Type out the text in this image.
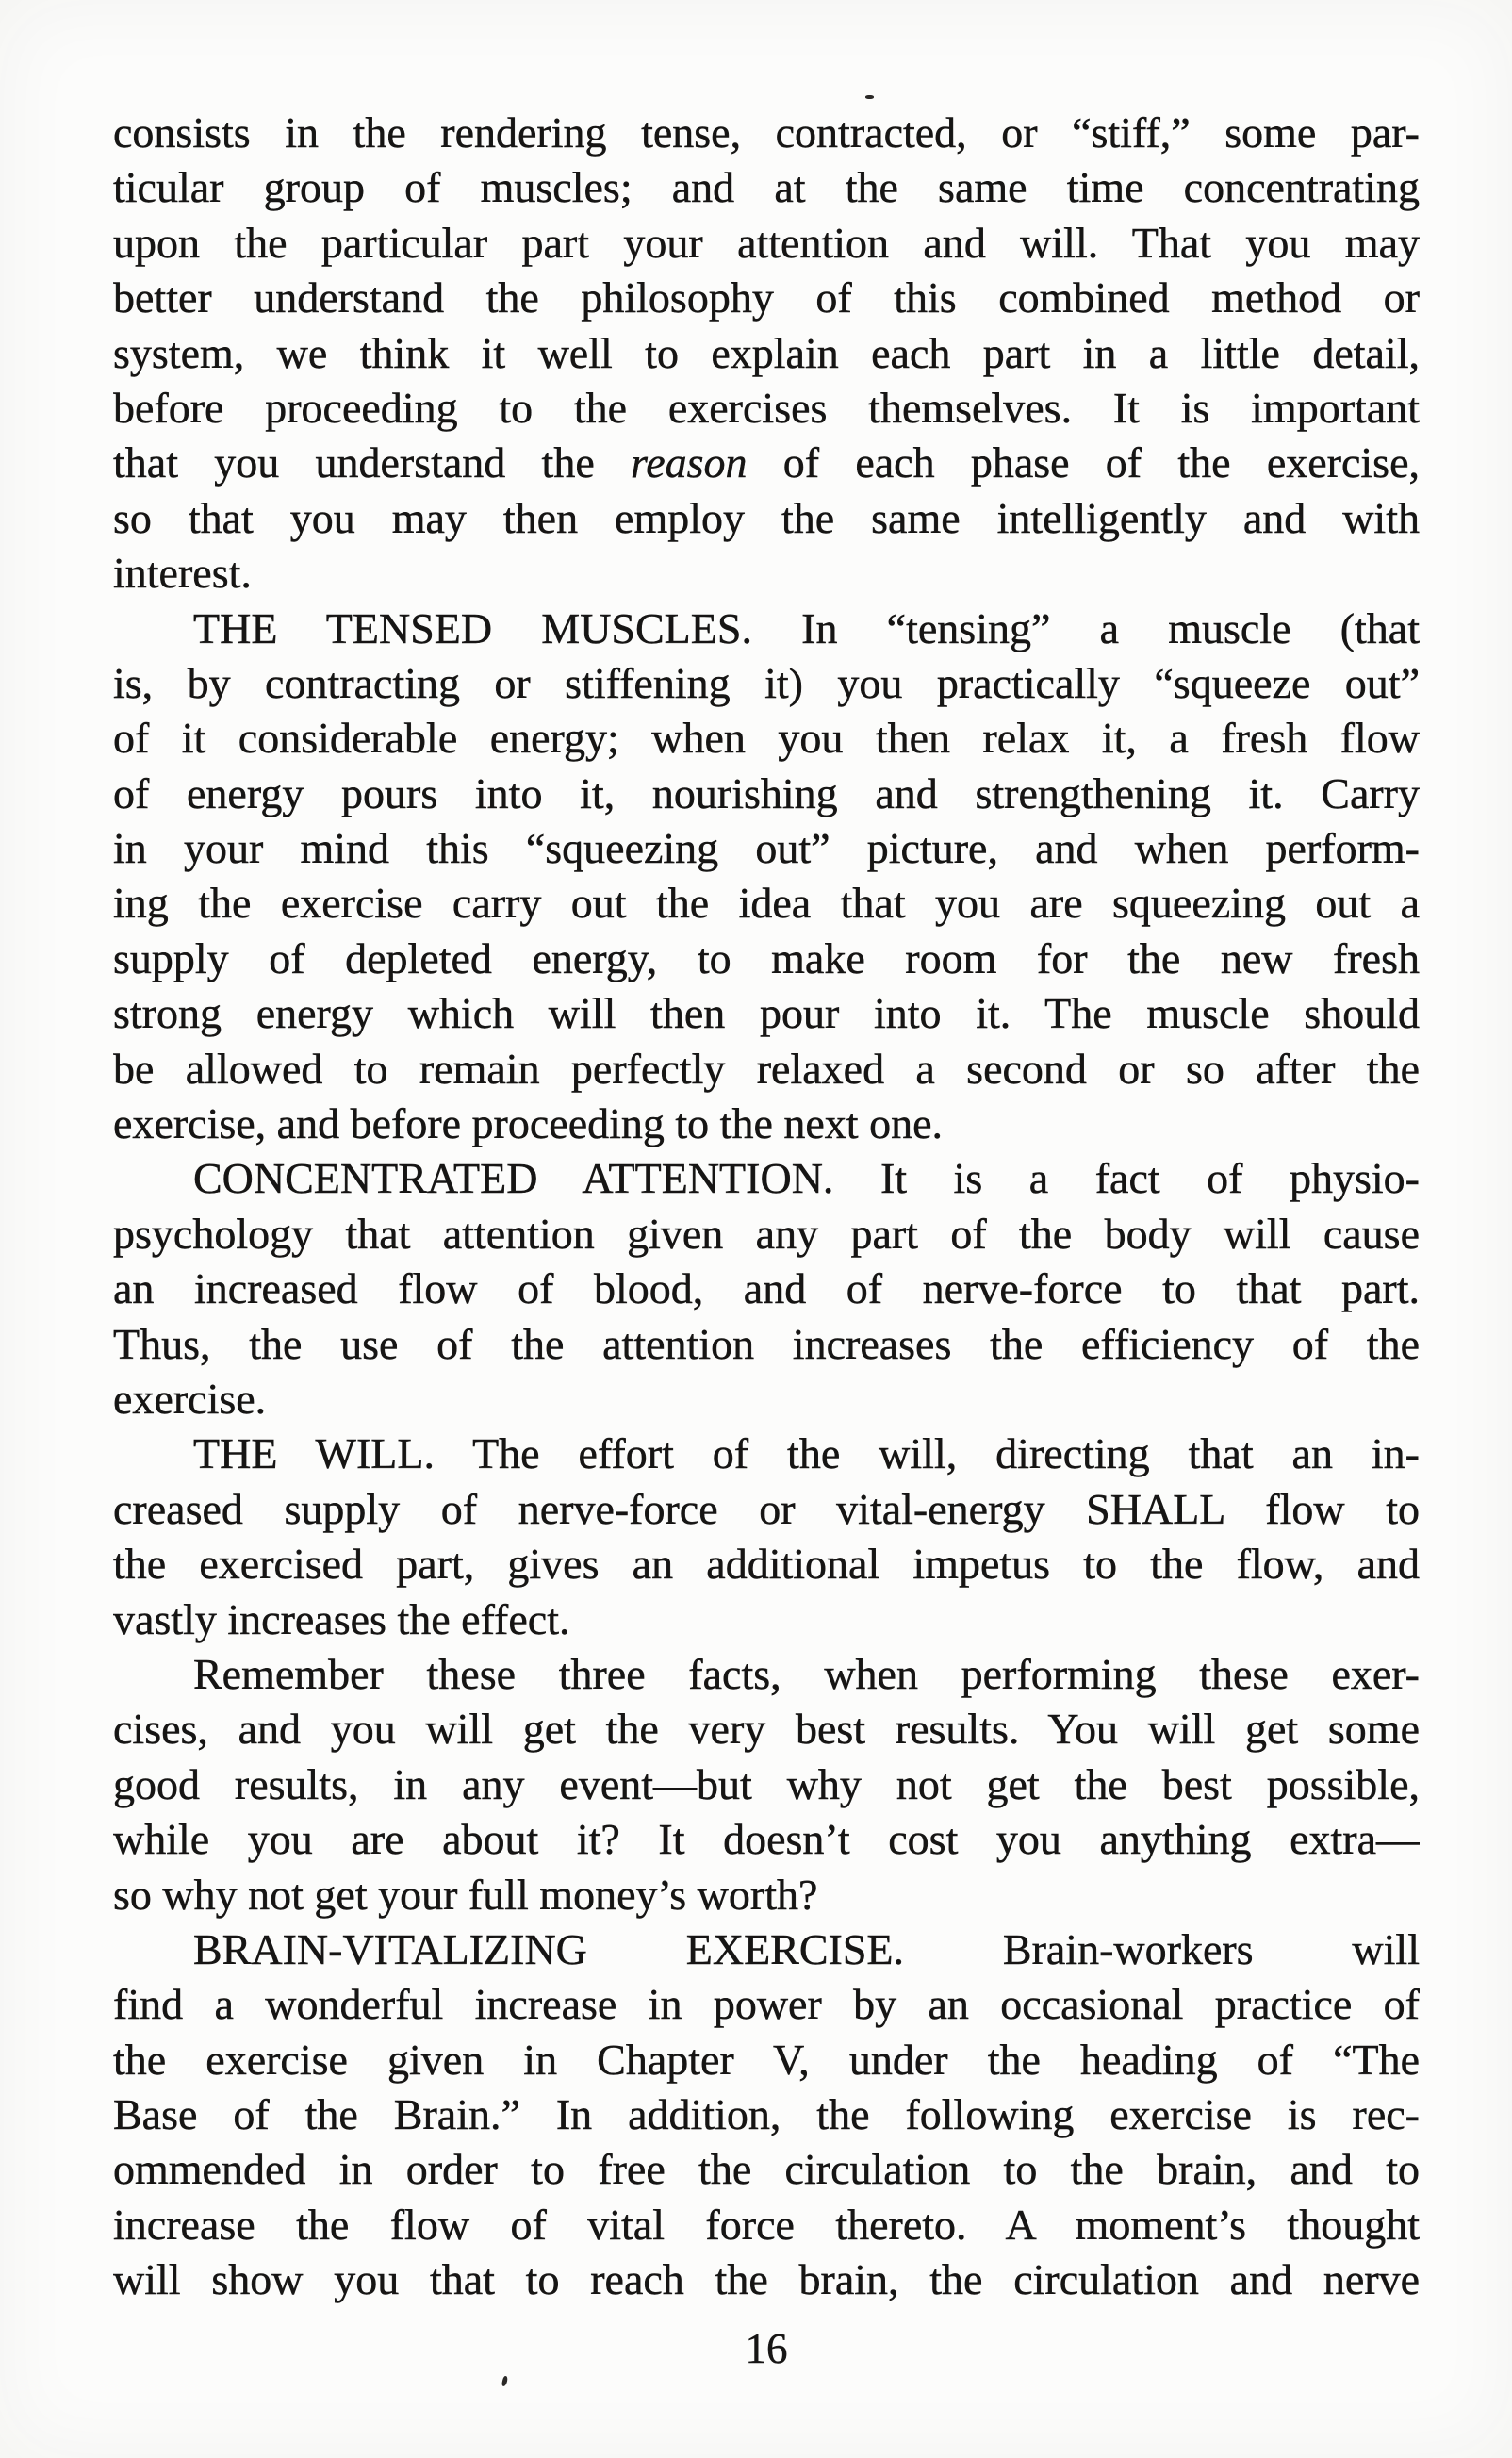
consists in the rendering tense, contracted, or “stiff,” some par-
ticular group of muscles; and at the same time concentrating
upon the particular part your attention and will. That you may
better understand the philosophy of this combined method or
system, we think it well to explain each part in a little detail,
before proceeding to the exercises themselves. It is important
that you understand the reason of each phase of the exercise,
so that you may then employ the same intelligently and with
interest.
THE TENSED MUSCLES. In “tensing” a muscle (that
is, by contracting or stiffening it) you practically “squeeze out”
of it considerable energy; when you then relax it, a fresh flow
of energy pours into it, nourishing and strengthening it. Carry
in your mind this “squeezing out” picture, and when perform-
ing the exercise carry out the idea that you are squeezing out a
supply of depleted energy, to make room for the new fresh
strong energy which will then pour into it. The muscle should
be allowed to remain perfectly relaxed a second or so after the
exercise, and before proceeding to the next one.
CONCENTRATED ATTENTION. It is a fact of physio-
psychology that attention given any part of the body will cause
an increased flow of blood, and of nerve-force to that part.
Thus, the use of the attention increases the efficiency of the
exercise.
THE WILL. The effort of the will, directing that an in-
creased supply of nerve-force or vital-energy SHALL flow to
the exercised part, gives an additional impetus to the flow, and
vastly increases the effect.
Remember these three facts, when performing these exer-
cises, and you will get the very best results. You will get some
good results, in any event—but why not get the best possible,
while you are about it? It doesn’t cost you anything extra—
so why not get your full money’s worth?
BRAIN-VITALIZING EXERCISE. Brain-workers will
find a wonderful increase in power by an occasional practice of
the exercise given in Chapter V, under the heading of “The
Base of the Brain.” In addition, the following exercise is rec-
ommended in order to free the circulation to the brain, and to
increase the flow of vital force thereto. A moment’s thought
will show you that to reach the brain, the circulation and nerve
16
